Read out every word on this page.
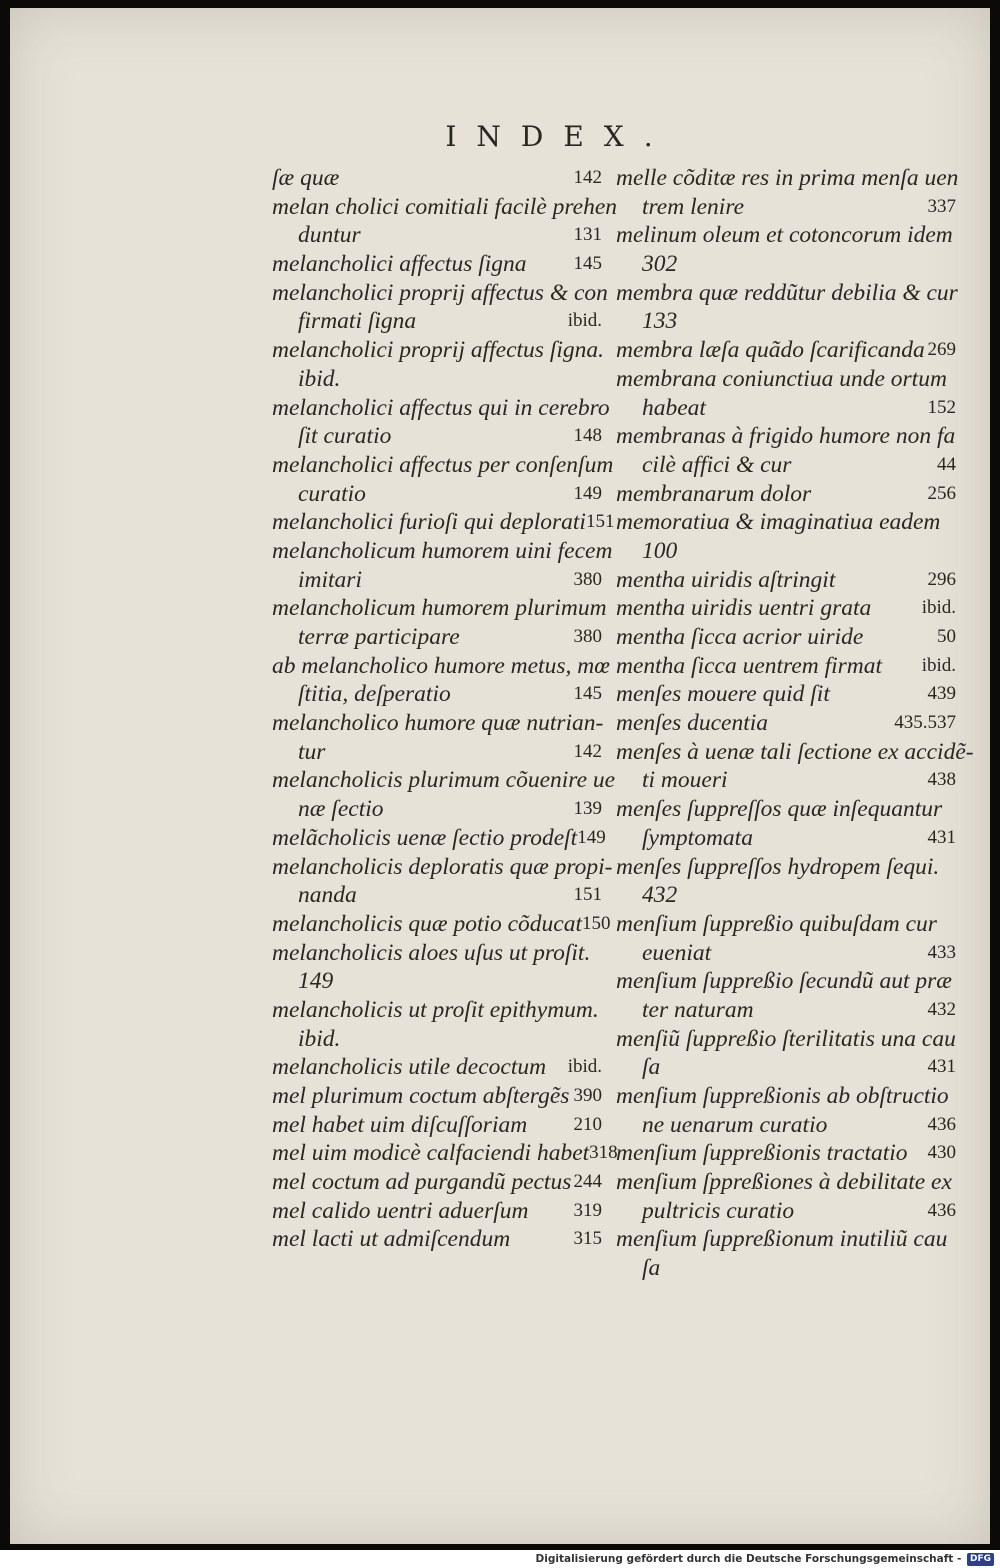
INDEX.
ſæ quæ	142
melan cholici comitiali facilè prehen
duntur	131
melancholici affectus ſigna 145
melancholici proprij affectus & con
firmati ſigna	ibid.
melancholici proprij affectus ſigna.
ibid.
melancholici affectus qui in cerebro
ſit curatio	148
melancholici affectus per conſenſum
curatio	149
melancholici furioſi qui deplorati 151
melancholicum humorem uini fecem
imitari	380
melancholicum humorem plurimum
terræ participare	380
ab melancholico humore metus, mœ
ſtitia, deſperatio	145
melancholico humore quæ nutrian-
tur	142
melancholicis plurimum cõuenire ue
næ ſectio	139
melãcholicis uenæ ſectio prodeſt 149
melancholicis deploratis quæ propi-
nanda	151
melancholicis quæ potio cõducat 150
melancholicis aloes uſus ut proſit.
149
melancholicis ut proſit epithymum.
ibid.
melancholicis utile decoctum ibid.
mel plurimum coctum abſtergẽs 390
mel habet uim diſcuſſoriam 210
mel uim modicè calfaciendi habet 318
mel coctum ad purgandũ pectus 244
mel calido uentri aduerſum 319
mel lacti ut admiſcendum	315
melle cõditæ res in prima menſa uen
trem lenire	337
melinum oleum et cotoncorum idem
302
membra quæ reddũtur debilia & cur
133
membra læſa quãdo ſcarificanda 269
membrana coniunctiua unde ortum
habeat	152
membranas à frigido humore non fa
cilè affici & cur	44
membranarum dolor	256
memoratiua & imaginatiua eadem
100
mentha uiridis aſtringit	296
mentha uiridis uentri grata	ibid.
mentha ſicca acrior uiride	50
mentha ſicca uentrem firmat ibid.
menſes mouere quid ſit	439
menſes ducentia	435.537
menſes à uenæ tali ſectione ex accidẽ-
ti moueri	438
menſes ſuppreſſos quæ inſequantur
ſymptomata	431
menſes ſuppreſſos hydropem ſequi.
432
menſium ſuppreßio quibuſdam cur
eueniat	433
menſium ſuppreßio ſecundũ aut præ
ter naturam	432
menſiũ ſuppreßio ſterilitatis una cau
ſa	431
menſium ſuppreßionis ab obſtructio
ne uenarum curatio	436
menſium ſuppreßionis tractatio 430
menſium ſppreßiones à debilitate ex
pultricis curatio	436
menſium ſuppreßionum inutiliũ cau
ſa
Digitalisierung gefördert durch die Deutsche Forschungsgemeinschaft - DFG
